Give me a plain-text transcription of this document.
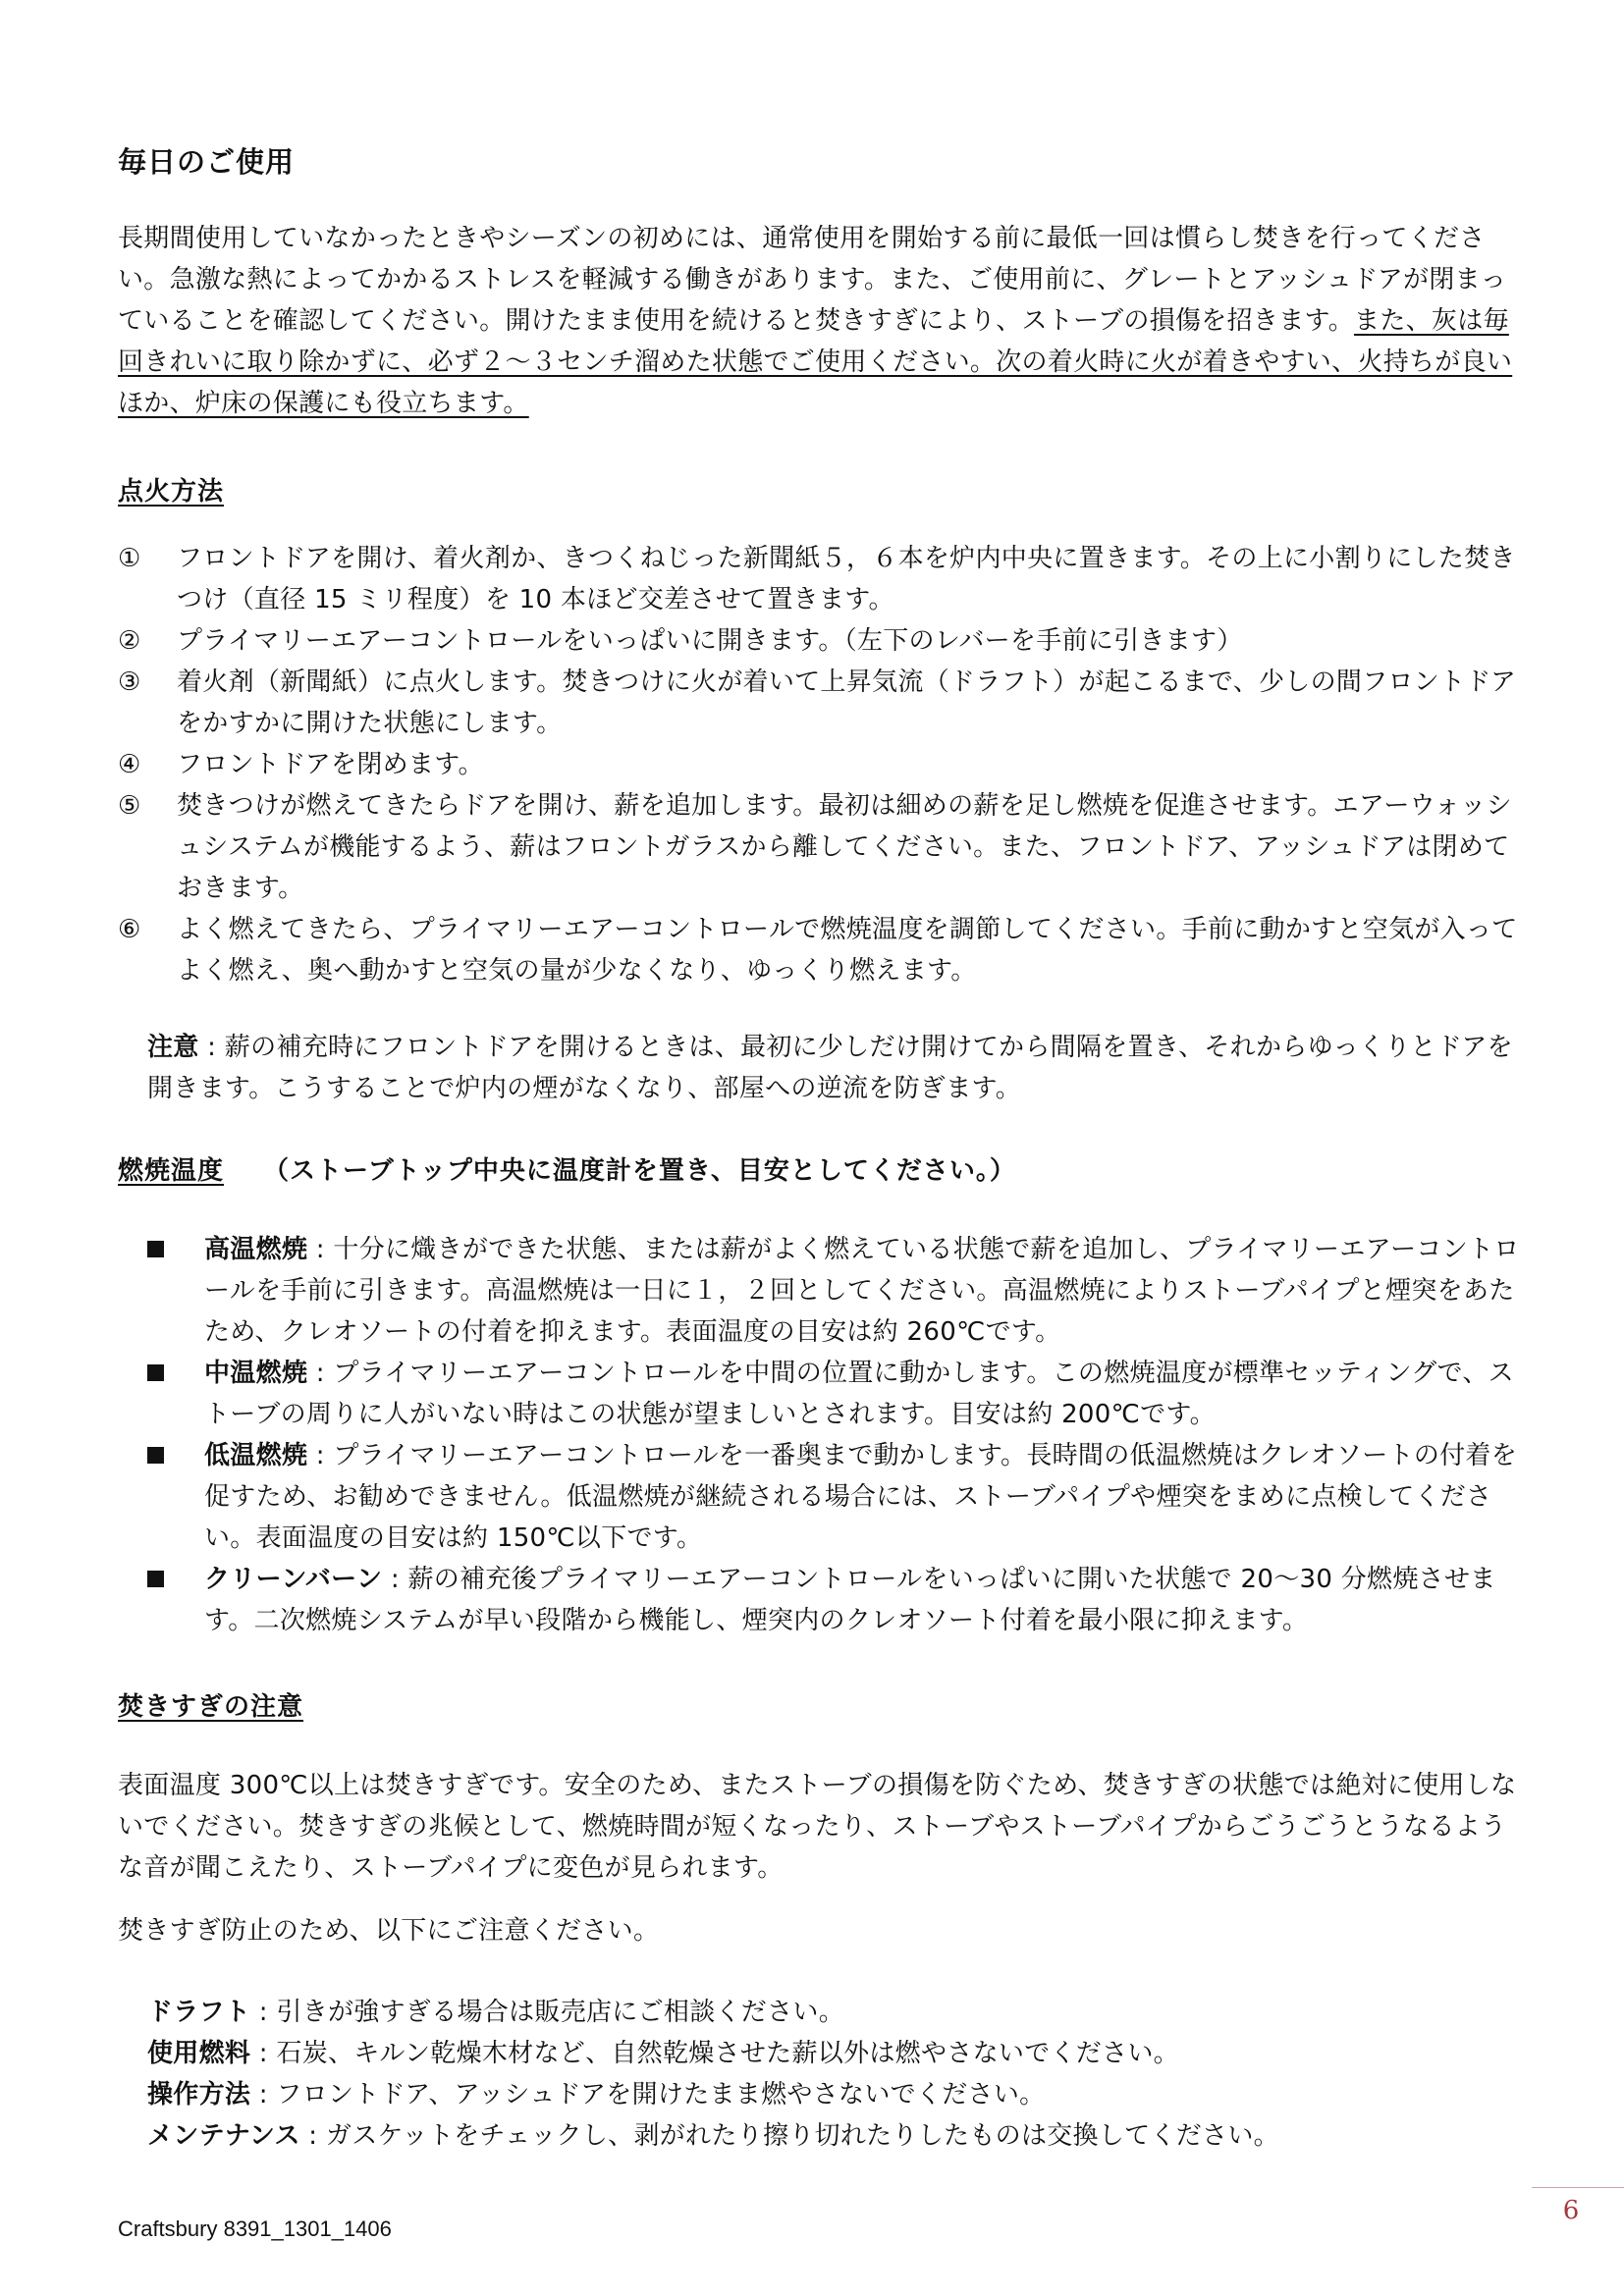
毎日のご使用
長期間使用していなかったときやシーズンの初めには、通常使用を開始する前に最低一回は慣らし焚きを行ってください。急激な熱によってかかるストレスを軽減する働きがあります。また、ご使用前に、グレートとアッシュドアが閉まっていることを確認してください。開けたまま使用を続けると焚きすぎにより、ストーブの損傷を招きます。また、灰は毎回きれいに取り除かずに、必ず２～３センチ溜めた状態でご使用ください。次の着火時に火が着きやすい、火持ちが良いほか、炉床の保護にも役立ちます。
点火方法
①	フロントドアを開け、着火剤か、きつくねじった新聞紙５，６本を炉内中央に置きます。その上に小割りにした焚きつけ（直径 15 ミリ程度）を 10 本ほど交差させて置きます。
②	プライマリーエアーコントロールをいっぱいに開きます。（左下のレバーを手前に引きます）
③	着火剤（新聞紙）に点火します。焚きつけに火が着いて上昇気流（ドラフト）が起こるまで、少しの間フロントドアをかすかに開けた状態にします。
④	フロントドアを閉めます。
⑤	焚きつけが燃えてきたらドアを開け、薪を追加します。最初は細めの薪を足し燃焼を促進させます。エアーウォッシュシステムが機能するよう、薪はフロントガラスから離してください。また、フロントドア、アッシュドアは閉めておきます。
⑥	よく燃えてきたら、プライマリーエアーコントロールで燃焼温度を調節してください。手前に動かすと空気が入ってよく燃え、奥へ動かすと空気の量が少なくなり、ゆっくり燃えます。
注意 : 薪の補充時にフロントドアを開けるときは、最初に少しだけ開けてから間隔を置き、それからゆっくりとドアを開きます。こうすることで炉内の煙がなくなり、部屋への逆流を防ぎます。
燃焼温度 （ストーブトップ中央に温度計を置き、目安としてください。）
高温燃焼 : 十分に熾きができた状態、または薪がよく燃えている状態で薪を追加し、プライマリーエアーコントロールを手前に引きます。高温燃焼は一日に１，２回としてください。高温燃焼によりストーブパイプと煙突をあたため、クレオソートの付着を抑えます。表面温度の目安は約 260℃です。
中温燃焼 : プライマリーエアーコントロールを中間の位置に動かします。この燃焼温度が標準セッティングで、ストーブの周りに人がいない時はこの状態が望ましいとされます。目安は約 200℃です。
低温燃焼 : プライマリーエアーコントロールを一番奥まで動かします。長時間の低温燃焼はクレオソートの付着を促すため、お勧めできません。低温燃焼が継続される場合には、ストーブパイプや煙突をまめに点検してください。表面温度の目安は約 150℃以下です。
クリーンバーン : 薪の補充後プライマリーエアーコントロールをいっぱいに開いた状態で 20～30 分燃焼させます。二次燃焼システムが早い段階から機能し、煙突内のクレオソート付着を最小限に抑えます。
焚きすぎの注意
表面温度 300℃以上は焚きすぎです。安全のため、またストーブの損傷を防ぐため、焚きすぎの状態では絶対に使用しないでください。焚きすぎの兆候として、燃焼時間が短くなったり、ストーブやストーブパイプからごうごうとうなるような音が聞こえたり、ストーブパイプに変色が見られます。
焚きすぎ防止のため、以下にご注意ください。
ドラフト : 引きが強すぎる場合は販売店にご相談ください。
使用燃料 : 石炭、キルン乾燥木材など、自然乾燥させた薪以外は燃やさないでください。
操作方法 : フロントドア、アッシュドアを開けたまま燃やさないでください。
メンテナンス : ガスケットをチェックし、剥がれたり擦り切れたりしたものは交換してください。
6
Craftsbury 8391_1301_1406
